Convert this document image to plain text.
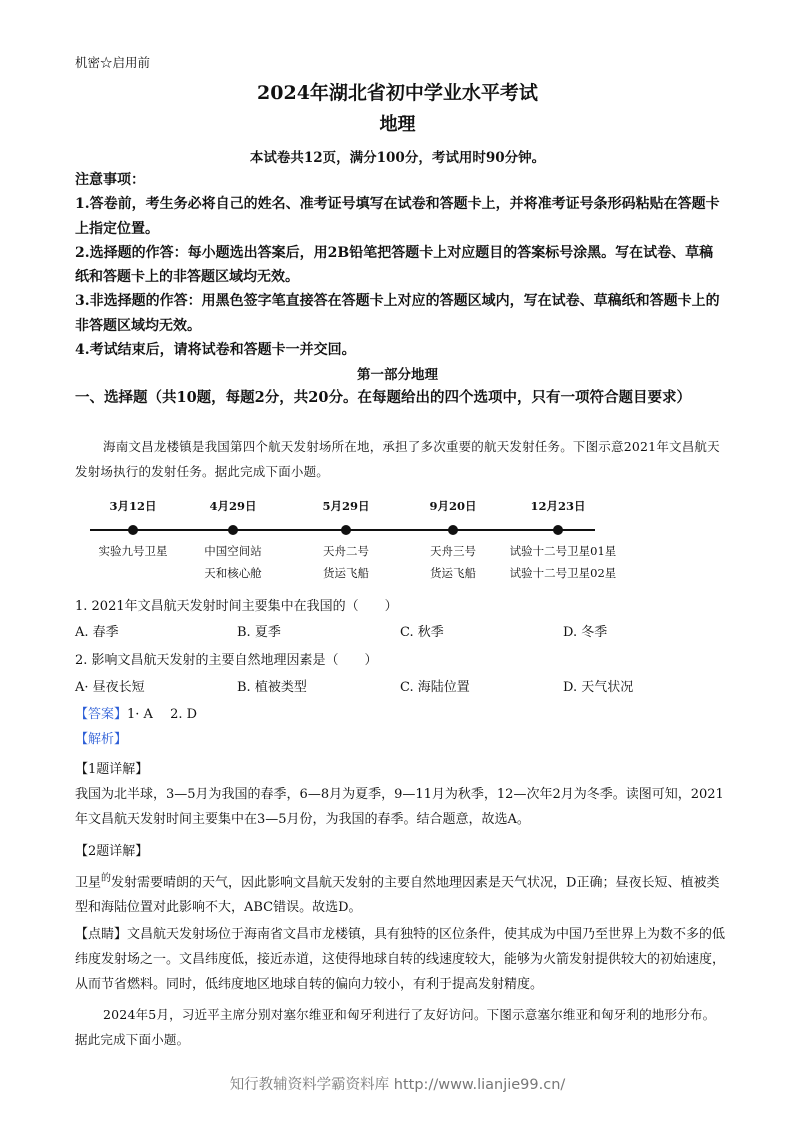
机密☆启用前
2024年湖北省初中学业水平考试
地理
本试卷共12页，满分100分，考试用时90分钟。

注意事项：

1.答卷前，考生务必将自己的姓名、准考证号填写在试卷和答题卡上，并将准考证号条形码粘贴在答题卡上指定位置。

2.选择题的作答：每小题选出答案后，用2B铅笔把答题卡上对应题目的答案标号涂黑。写在试卷、草稿纸和答题卡上的非答题区域均无效。

3.非选择题的作答：用黑色签字笔直接答在答题卡上对应的答题区域内，写在试卷、草稿纸和答题卡上的非答题区域均无效。

4.考试结束后，请将试卷和答题卡一并交回。

第一部分地理
一、选择题（共10题，每题2分，共20分。在每题给出的四个选项中，只有一项符合题目要求）
海南文昌龙楼镇是我国第四个航天发射场所在地，承担了多次重要的航天发射任务。下图示意2021年文昌航天发射场执行的发射任务。据此完成下面小题。
3月12日
实验九号卫星
4月29日
中国空间站
天和核心舱
5月29日
天舟二号
货运飞船
9月20日
天舟三号
货运飞船
12月23日
试验十二号卫星01星
试验十二号卫星02星
1. 2021年文昌航天发射时间主要集中在我国的（　　）
A. 春季	B. 夏季	C. 秋季	D. 冬季
2. 影响文昌航天发射的主要自然地理因素是（　　）
A· 昼夜长短	B. 植被类型	C. 海陆位置	D. 天气状况
【答案】1· A　 2. D
【解析】
【1题详解】
我国为北半球，3—5月为我国的春季，6—8月为夏季，9—11月为秋季，12—次年2月为冬季。读图可知，2021年文昌航天发射时间主要集中在3—5月份，为我国的春季。结合题意，故选A。
【2题详解】
卫星$^的$发射需要晴朗的天气，因此影响文昌航天发射的主要自然地理因素是天气状况，D正确；昼夜长短、植被类型和海陆位置对此影响不大，ABC错误。故选D。
【点睛】文昌航天发射场位于海南省文昌市龙楼镇，具有独特的区位条件，使其成为中国乃至世界上为数不多的低纬度发射场之一。文昌纬度低，接近赤道，这使得地球自转的线速度较大，能够为火箭发射提供较大的初始速度，从而节省燃料。同时，低纬度地区地球自转的偏向力较小，有利于提高发射精度。
2024年5月，习近平主席分别对塞尔维亚和匈牙利进行了友好访问。下图示意塞尔维亚和匈牙利的地形分布。据此完成下面小题。
知行教辅资料学霸资料库 http://www.lianjie99.cn/
